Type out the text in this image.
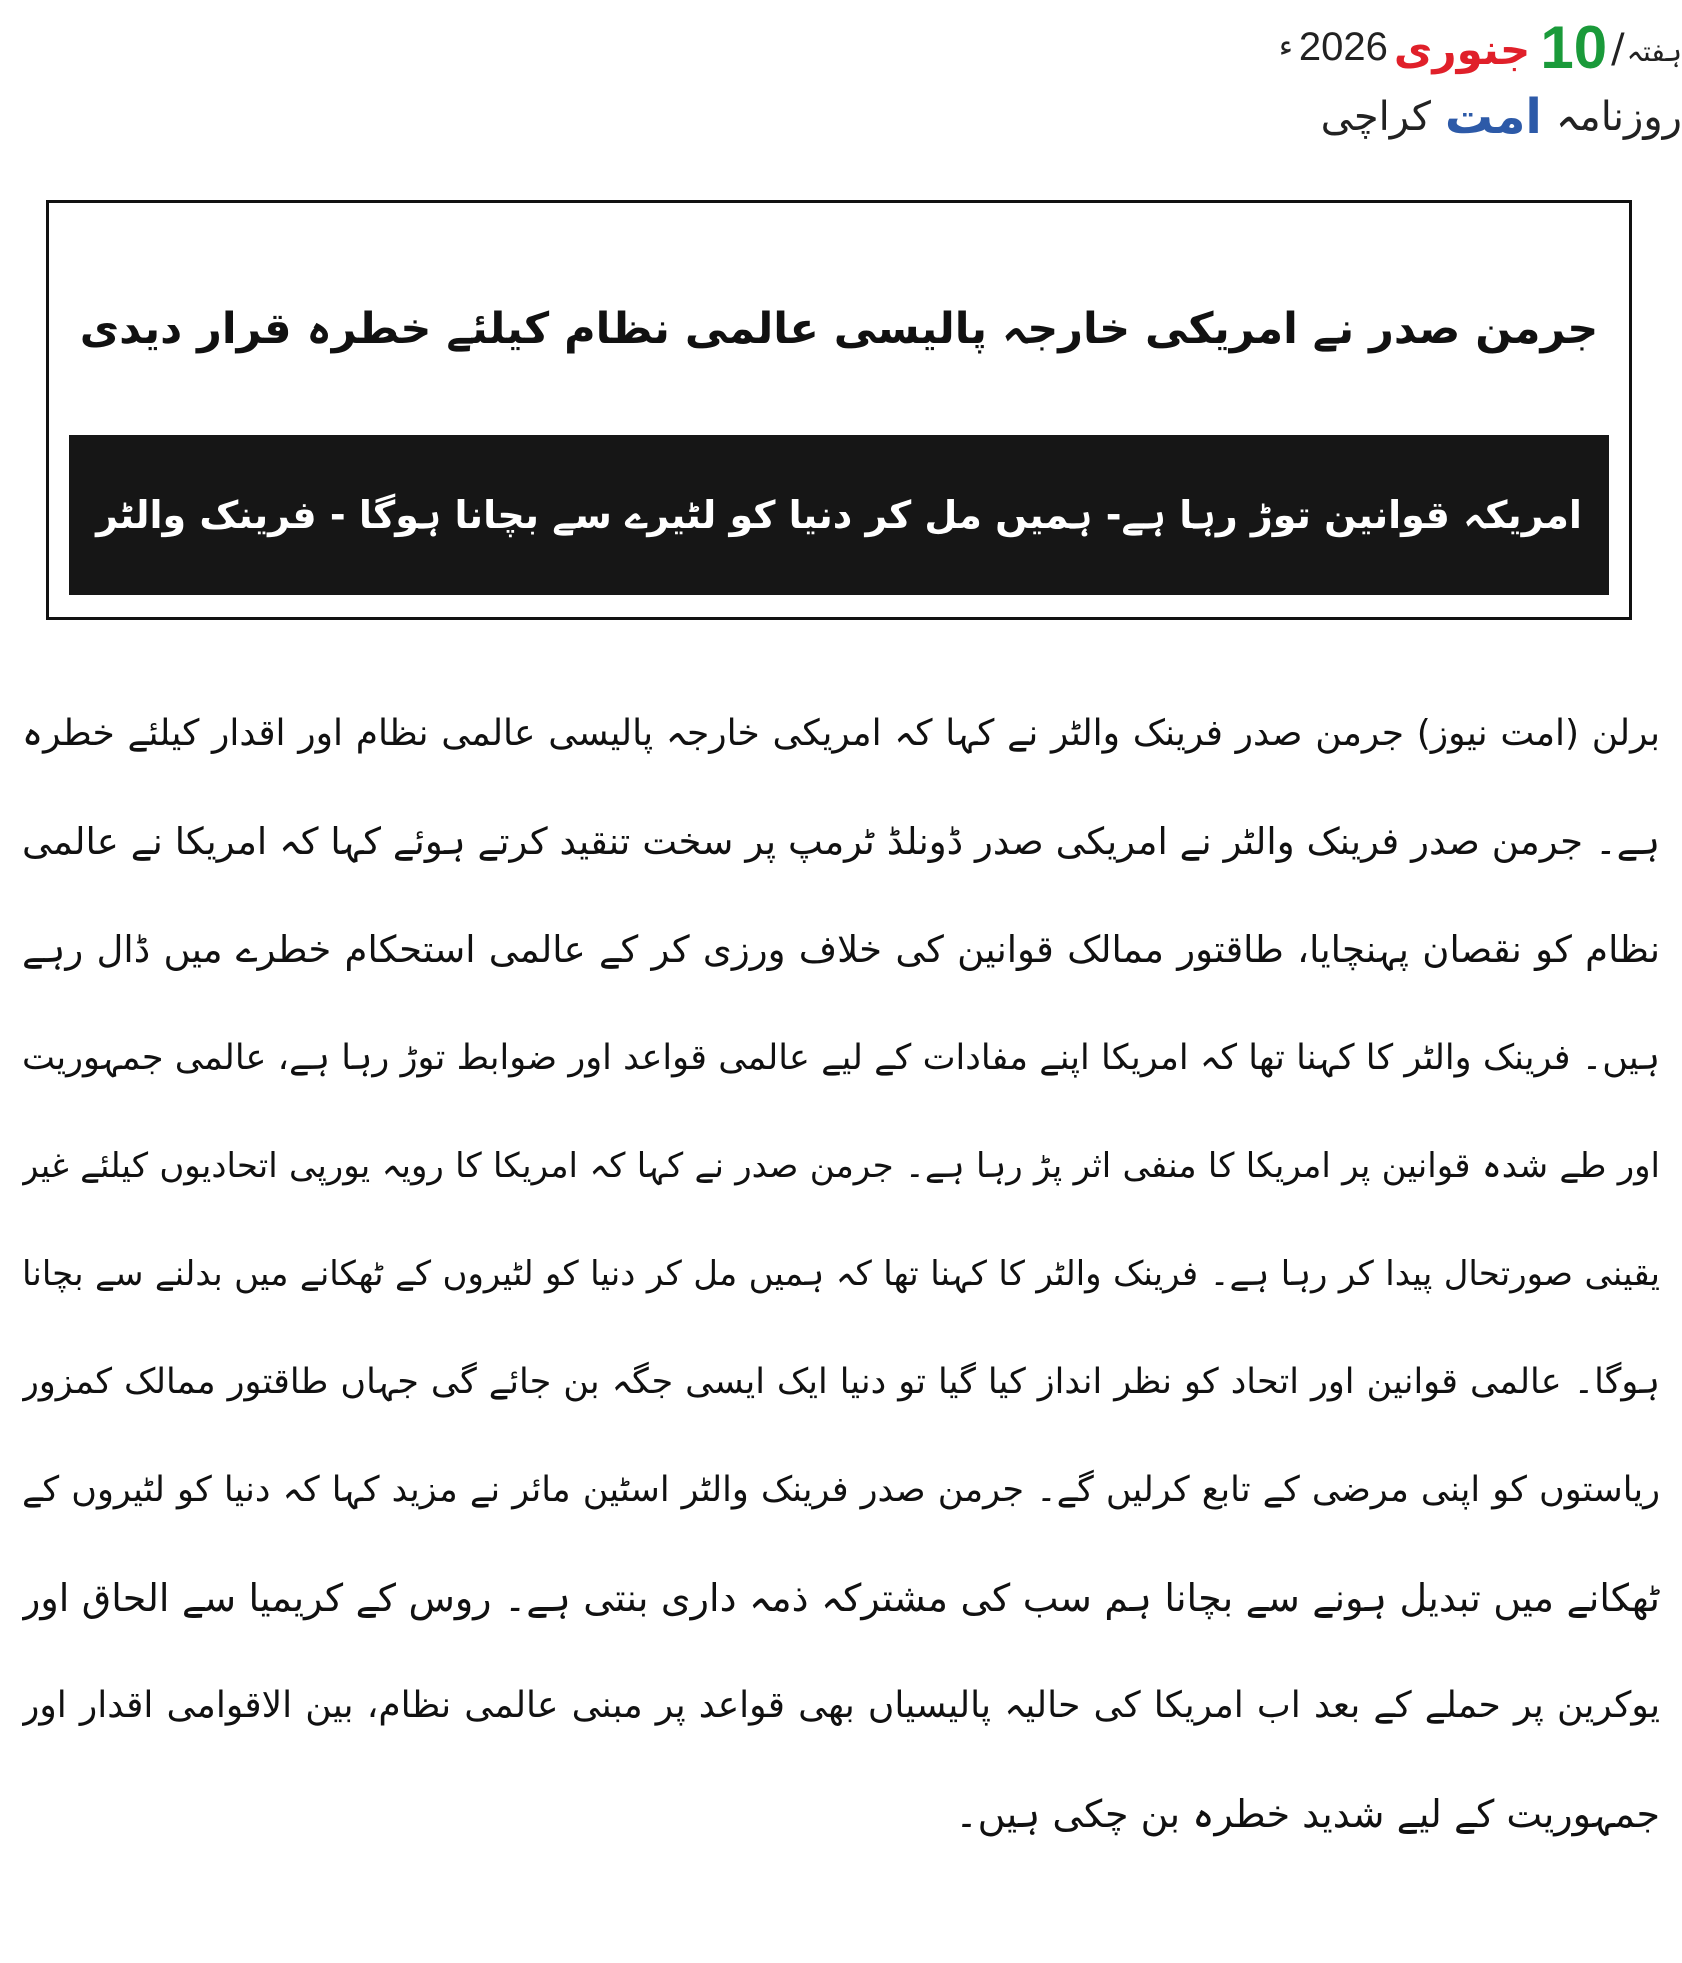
ہفتہ
/
10
جنوری
2026
ء
روزنامہ
امت
کراچی
جرمن صدر نے امریکی خارجہ پالیسی عالمی نظام کیلئے خطرہ قرار دیدی
امریکہ قوانین توڑ رہا ہے- ہمیں مل کر دنیا کو لٹیرے سے بچانا ہوگا - فرینک والٹر
برلن (امت نیوز) جرمن صدر فرینک والٹر نے کہا کہ امریکی خارجہ پالیسی عالمی نظام اور اقدار کیلئے خطرہ
ہے۔ جرمن صدر فرینک والٹر نے امریکی صدر ڈونلڈ ٹرمپ پر سخت تنقید کرتے ہوئے کہا کہ امریکا نے عالمی
نظام کو نقصان پہنچایا، طاقتور ممالک قوانین کی خلاف ورزی کر کے عالمی استحکام خطرے میں ڈال رہے
ہیں۔ فرینک والٹر کا کہنا تھا کہ امریکا اپنے مفادات کے لیے عالمی قواعد اور ضوابط توڑ رہا ہے، عالمی جمہوریت
اور طے شدہ قوانین پر امریکا کا منفی اثر پڑ رہا ہے۔ جرمن صدر نے کہا کہ امریکا کا رویہ یورپی اتحادیوں کیلئے غیر
یقینی صورتحال پیدا کر رہا ہے۔ فرینک والٹر کا کہنا تھا کہ ہمیں مل کر دنیا کو لٹیروں کے ٹھکانے میں بدلنے سے بچانا
ہوگا۔ عالمی قوانین اور اتحاد کو نظر انداز کیا گیا تو دنیا ایک ایسی جگہ بن جائے گی جہاں طاقتور ممالک کمزور
ریاستوں کو اپنی مرضی کے تابع کرلیں گے۔ جرمن صدر فرینک والٹر اسٹین مائر نے مزید کہا کہ دنیا کو لٹیروں کے
ٹھکانے میں تبدیل ہونے سے بچانا ہم سب کی مشترکہ ذمہ داری بنتی ہے۔ روس کے کریمیا سے الحاق اور
یوکرین پر حملے کے بعد اب امریکا کی حالیہ پالیسیاں بھی قواعد پر مبنی عالمی نظام، بین الاقوامی اقدار اور
جمہوریت کے لیے شدید خطرہ بن چکی ہیں۔
